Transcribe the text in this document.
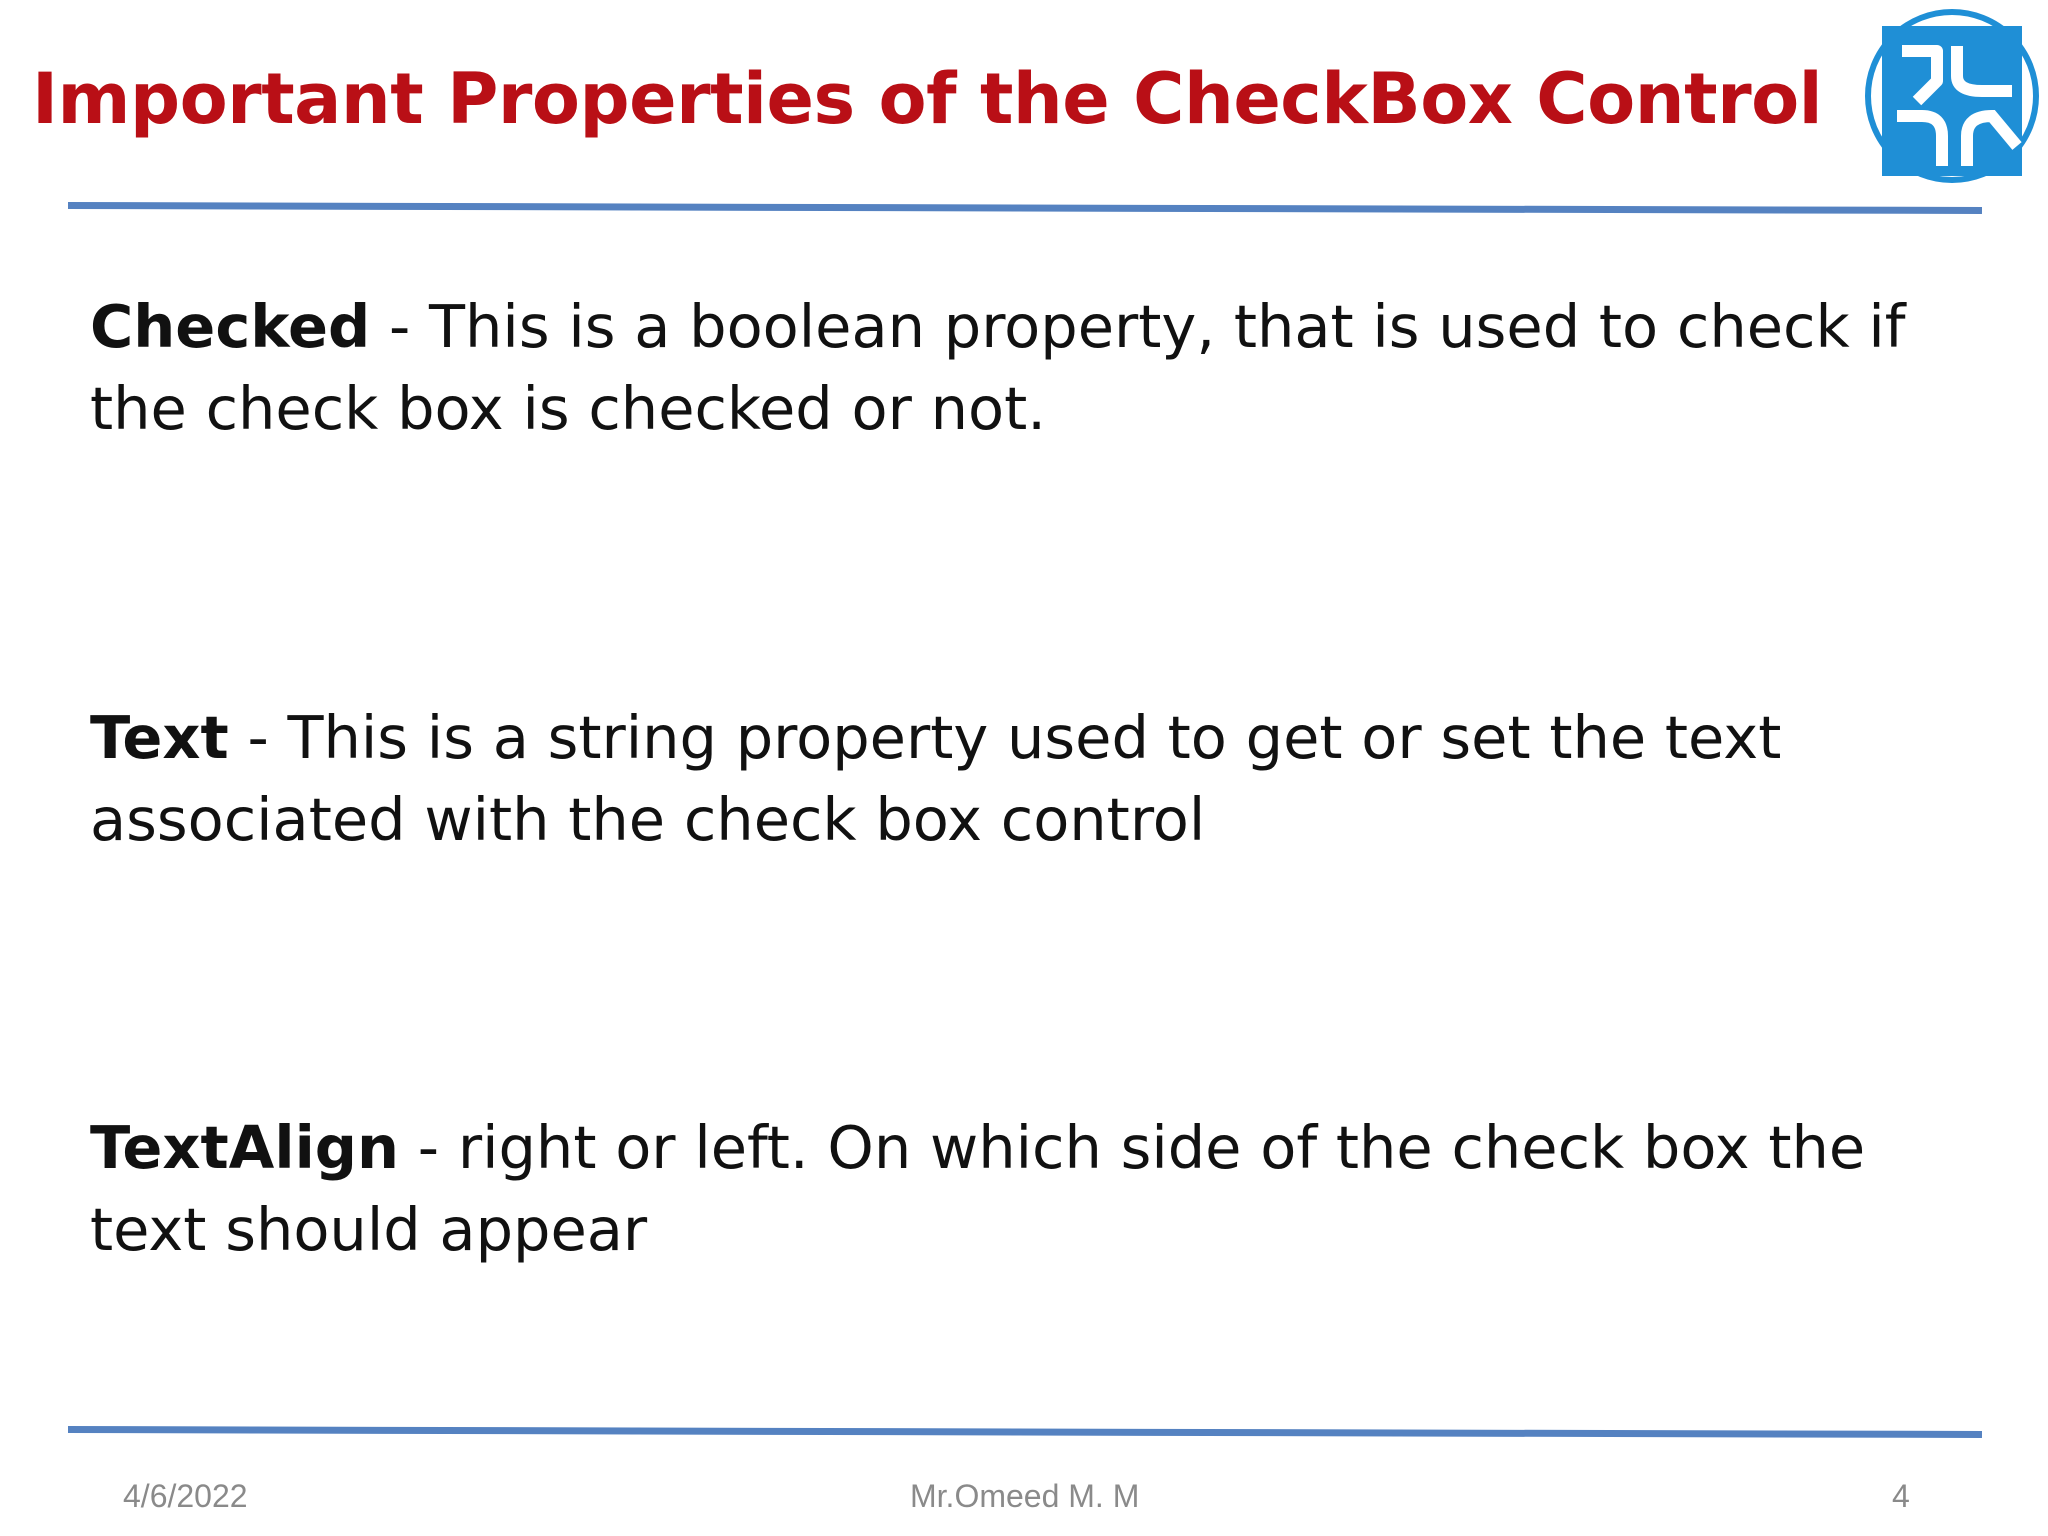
Important Properties of the CheckBox Control
Checked - This is a boolean property, that is used to check if the check box is checked or not.
Text - This is a string property used to get or set the text associated with the check box control
TextAlign - right or left. On which side of the check box the text should appear
4/6/2022	Mr.Omeed M. M	4
